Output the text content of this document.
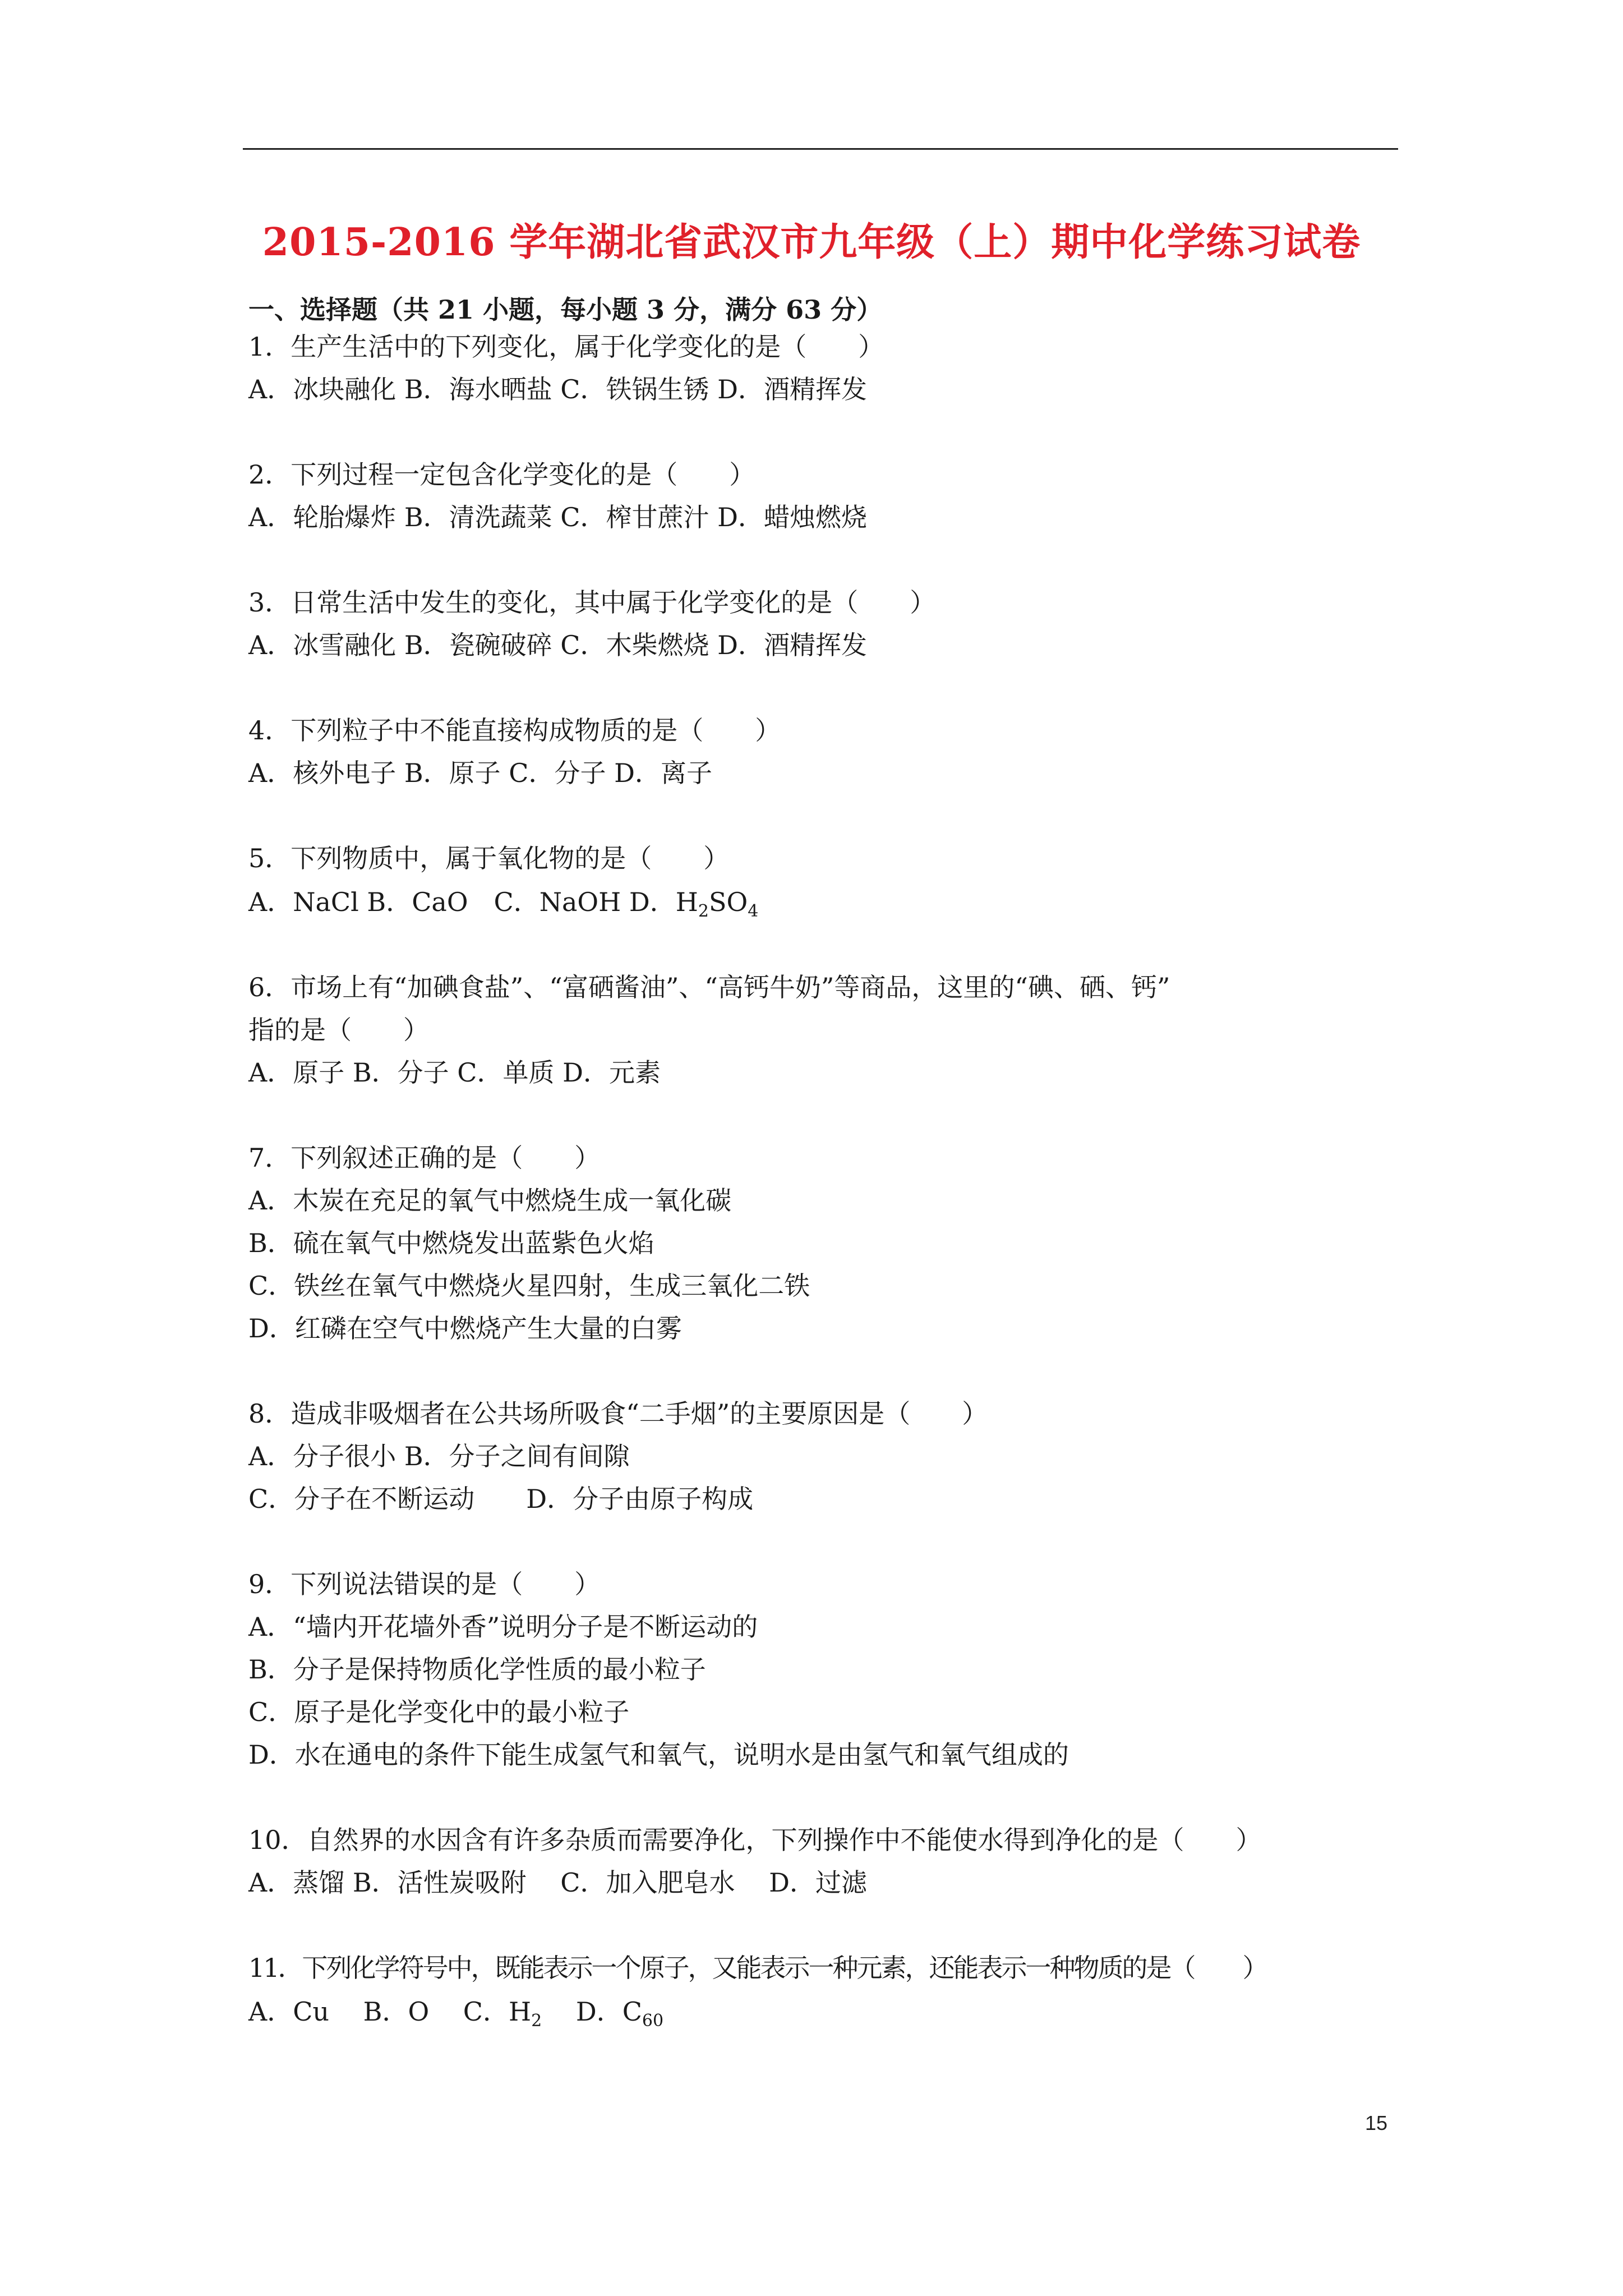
2015-2016 学年湖北省武汉市九年级（上）期中化学练习试卷
一、选择题（共 21 小题，每小题 3 分，满分 63 分）
1．生产生活中的下列变化，属于化学变化的是（　　）
A．冰块融化 B．海水晒盐 C．铁锅生锈 D．酒精挥发
2．下列过程一定包含化学变化的是（　　）
A．轮胎爆炸 B．清洗蔬菜 C．榨甘蔗汁 D．蜡烛燃烧
3．日常生活中发生的变化，其中属于化学变化的是（　　）
A．冰雪融化 B．瓷碗破碎 C．木柴燃烧 D．酒精挥发
4．下列粒子中不能直接构成物质的是（　　）
A．核外电子 B．原子 C．分子 D．离子
5．下列物质中，属于氧化物的是（　　）
A．NaCl B．CaO　C．NaOH D．$H_2SO_4$
6．市场上有“加碘食盐”、“富硒酱油”、“高钙牛奶”等商品，这里的“碘、硒、钙”
指的是（　　）
A．原子 B．分子 C．单质 D．元素
7．下列叙述正确的是（　　）
A．木炭在充足的氧气中燃烧生成一氧化碳
B．硫在氧气中燃烧发出蓝紫色火焰
C．铁丝在氧气中燃烧火星四射，生成三氧化二铁
D．红磷在空气中燃烧产生大量的白雾
8．造成非吸烟者在公共场所吸食“二手烟”的主要原因是（　　）
A．分子很小 B．分子之间有间隙
C．分子在不断运动　　D．分子由原子构成
9．下列说法错误的是（　　）
A．“墙内开花墙外香”说明分子是不断运动的
B．分子是保持物质化学性质的最小粒子
C．原子是化学变化中的最小粒子
D．水在通电的条件下能生成氢气和氧气，说明水是由氢气和氧气组成的
10．自然界的水因含有许多杂质而需要净化，下列操作中不能使水得到净化的是（　　）
A．蒸馏 B．活性炭吸附　 C．加入肥皂水　 D．过滤
11．下列化学符号中，既能表示一个原子，又能表示一种元素，还能表示一种物质的是（　　）
A．Cu　 B．O　 C．$H_2$　 D．$C_{60}$
15
